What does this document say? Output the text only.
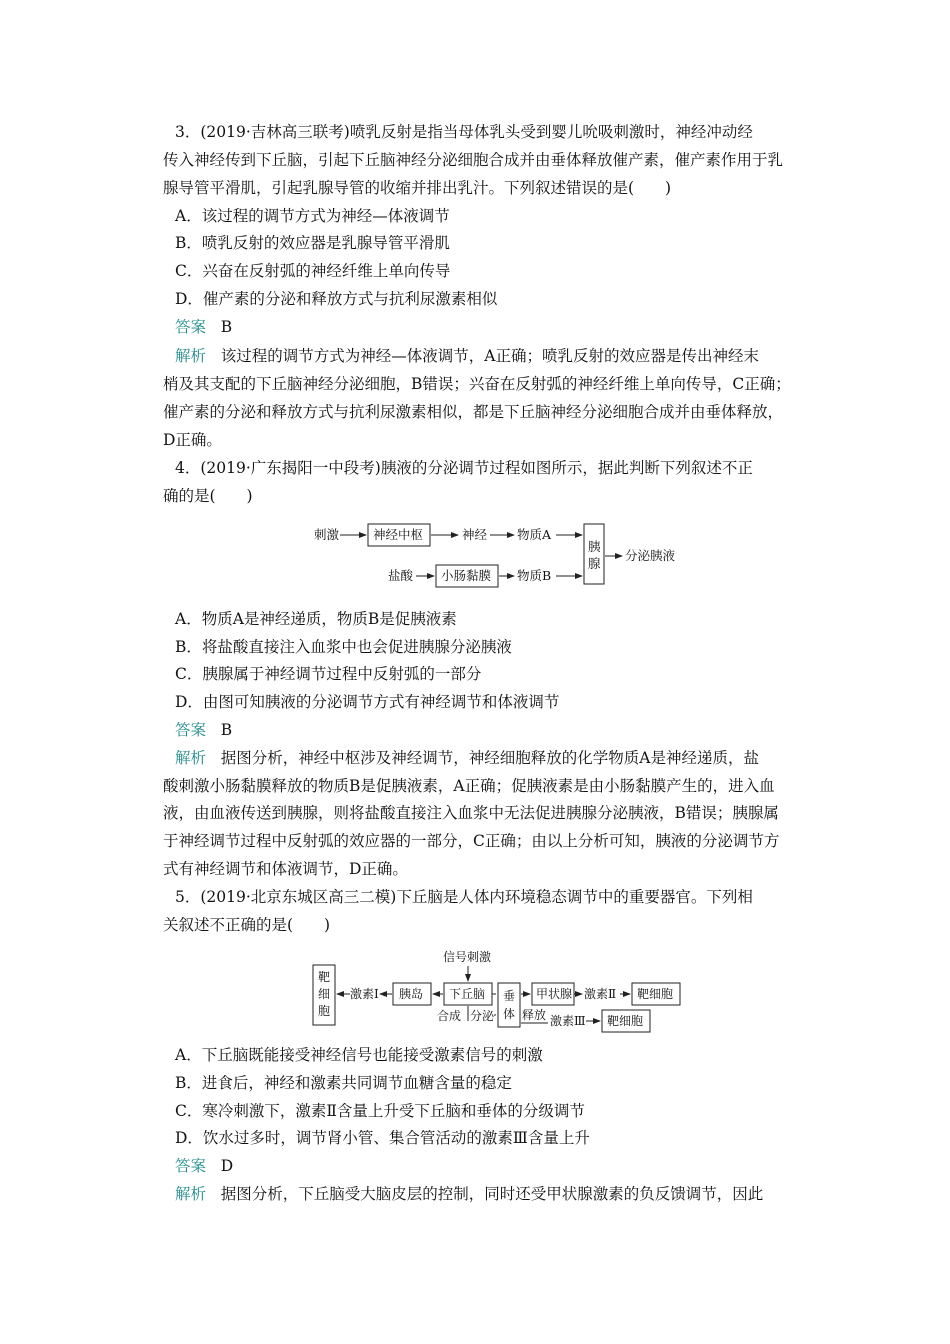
3．(2019·吉林高三联考)喷乳反射是指当母体乳头受到婴儿吮吸刺激时，神经冲动经
传入神经传到下丘脑，引起下丘脑神经分泌细胞合成并由垂体释放催产素，催产素作用于乳
腺导管平滑肌，引起乳腺导管的收缩并排出乳汁。下列叙述错误的是(　　)
A．该过程的调节方式为神经—体液调节
B．喷乳反射的效应器是乳腺导管平滑肌
C．兴奋在反射弧的神经纤维上单向传导
D．催产素的分泌和释放方式与抗利尿激素相似
答案 B
解析 该过程的调节方式为神经—体液调节，A正确；喷乳反射的效应器是传出神经末
梢及其支配的下丘脑神经分泌细胞，B错误；兴奋在反射弧的神经纤维上单向传导，C正确；
催产素的分泌和释放方式与抗利尿激素相似，都是下丘脑神经分泌细胞合成并由垂体释放，
D正确。
4．(2019·广东揭阳一中段考)胰液的分泌调节过程如图所示，据此判断下列叙述不正
确的是(　　)
刺激	神经中枢	神经 物质A
胰
腺
分泌胰液
盐酸 小肠黏膜 物质B
A．物质A是神经递质，物质B是促胰液素
B．将盐酸直接注入血浆中也会促进胰腺分泌胰液
C．胰腺属于神经调节过程中反射弧的一部分
D．由图可知胰液的分泌调节方式有神经调节和体液调节
答案 B
解析 据图分析，神经中枢涉及神经调节，神经细胞释放的化学物质A是神经递质，盐
酸刺激小肠黏膜释放的物质B是促胰液素，A正确；促胰液素是由小肠黏膜产生的，进入血
液，由血液传送到胰腺，则将盐酸直接注入血浆中无法促进胰腺分泌胰液，B错误；胰腺属
于神经调节过程中反射弧的效应器的一部分，C正确；由以上分析可知，胰液的分泌调节方
式有神经调节和体液调节，D正确。
5．(2019·北京东城区高三二模)下丘脑是人体内环境稳态调节中的重要器官。下列相
关叙述不正确的是(　　)
信号刺激
靶
细
胞
激素Ⅰ 胰岛 下丘脑
合成 分泌
垂
体
甲状腺 激素Ⅱ 靶细胞
释放 激素Ⅲ 靶细胞
A．下丘脑既能接受神经信号也能接受激素信号的刺激
B．进食后，神经和激素共同调节血糖含量的稳定
C．寒冷刺激下，激素Ⅱ含量上升受下丘脑和垂体的分级调节
D．饮水过多时，调节肾小管、集合管活动的激素Ⅲ含量上升
答案 D
解析 据图分析，下丘脑受大脑皮层的控制，同时还受甲状腺激素的负反馈调节，因此
